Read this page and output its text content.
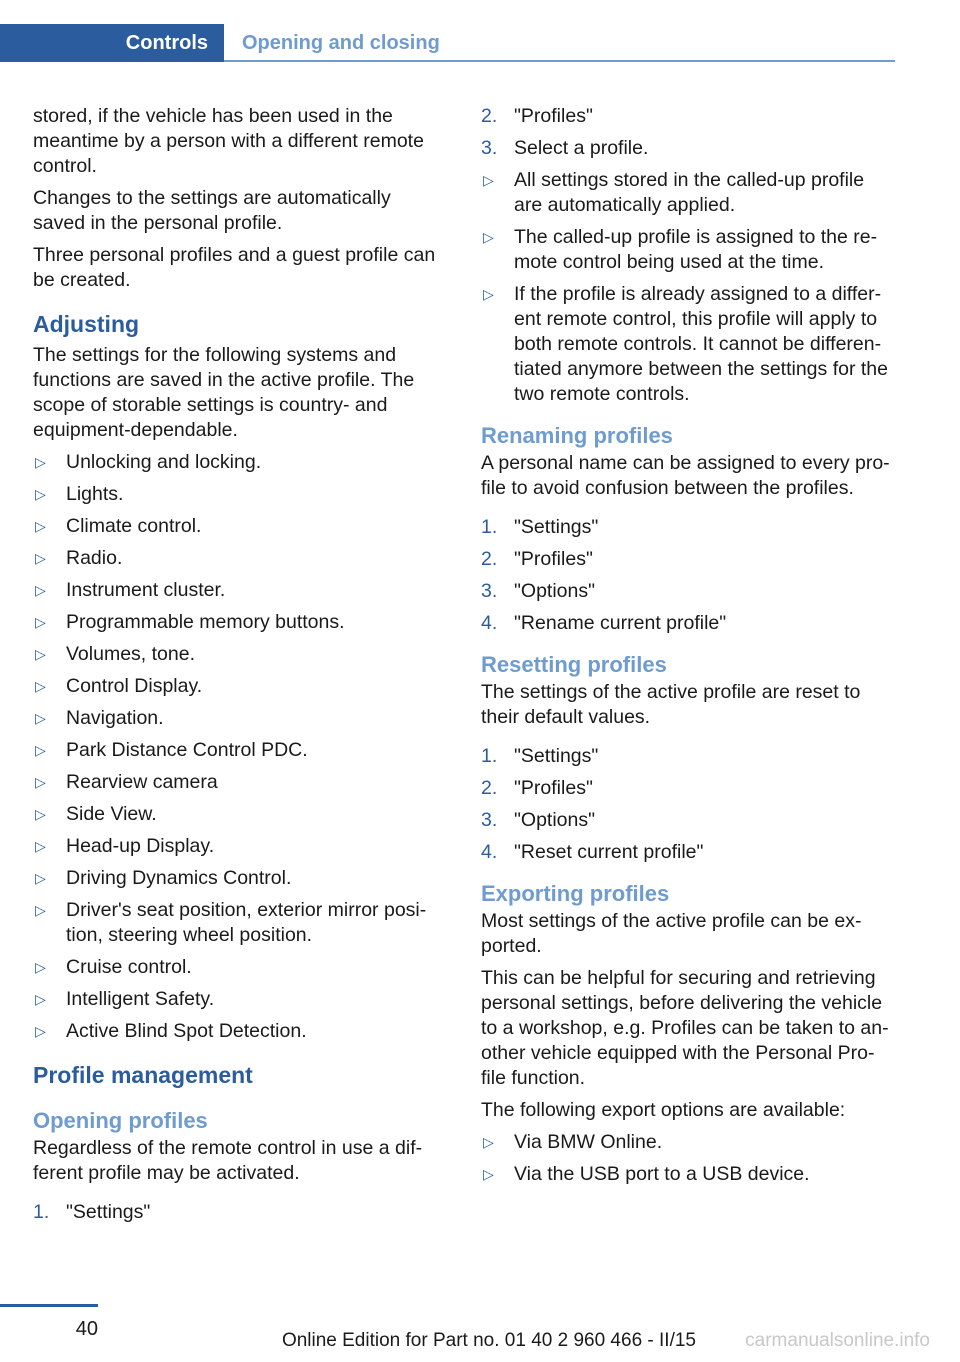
Controls	Opening and closing

stored, if the vehicle has been used in the meantime by a person with a different remote control.

Changes to the settings are automatically saved in the personal profile.

Three personal profiles and a guest profile can be created.

Adjusting

The settings for the following systems and functions are saved in the active profile. The scope of storable settings is country- and equipment-dependable.

▷ Unlocking and locking.
▷ Lights.
▷ Climate control.
▷ Radio.
▷ Instrument cluster.
▷ Programmable memory buttons.
▷ Volumes, tone.
▷ Control Display.
▷ Navigation.
▷ Park Distance Control PDC.
▷ Rearview camera
▷ Side View.
▷ Head-up Display.
▷ Driving Dynamics Control.
▷ Driver's seat position, exterior mirror posi‐tion, steering wheel position.
▷ Cruise control.
▷ Intelligent Safety.
▷ Active Blind Spot Detection.
Profile management
Opening profiles

Regardless of the remote control in use a dif‐ferent profile may be activated.

1. "Settings"
2. "Profiles"
3. Select a profile.
▷ All settings stored in the called-up profile are automatically applied.
▷ The called-up profile is assigned to the re‐mote control being used at the time.
▷ If the profile is already assigned to a differ‐ent remote control, this profile will apply to both remote controls. It cannot be differen‐tiated anymore between the settings for the two remote controls.
Renaming profiles

A personal name can be assigned to every pro‐file to avoid confusion between the profiles.

1. "Settings"
2. "Profiles"
3. "Options"
4. "Rename current profile"
Resetting profiles

The settings of the active profile are reset to their default values.

1. "Settings"
2. "Profiles"
3. "Options"
4. "Reset current profile"
Exporting profiles

Most settings of the active profile can be ex‐ported.

This can be helpful for securing and retrieving personal settings, before delivering the vehicle to a workshop, e.g. Profiles can be taken to an‐other vehicle equipped with the Personal Pro‐file function.

The following export options are available:

▷ Via BMW Online.
▷ Via the USB port to a USB device.
40
Online Edition for Part no. 01 40 2 960 466 - II/15	carmanualsonline.info
